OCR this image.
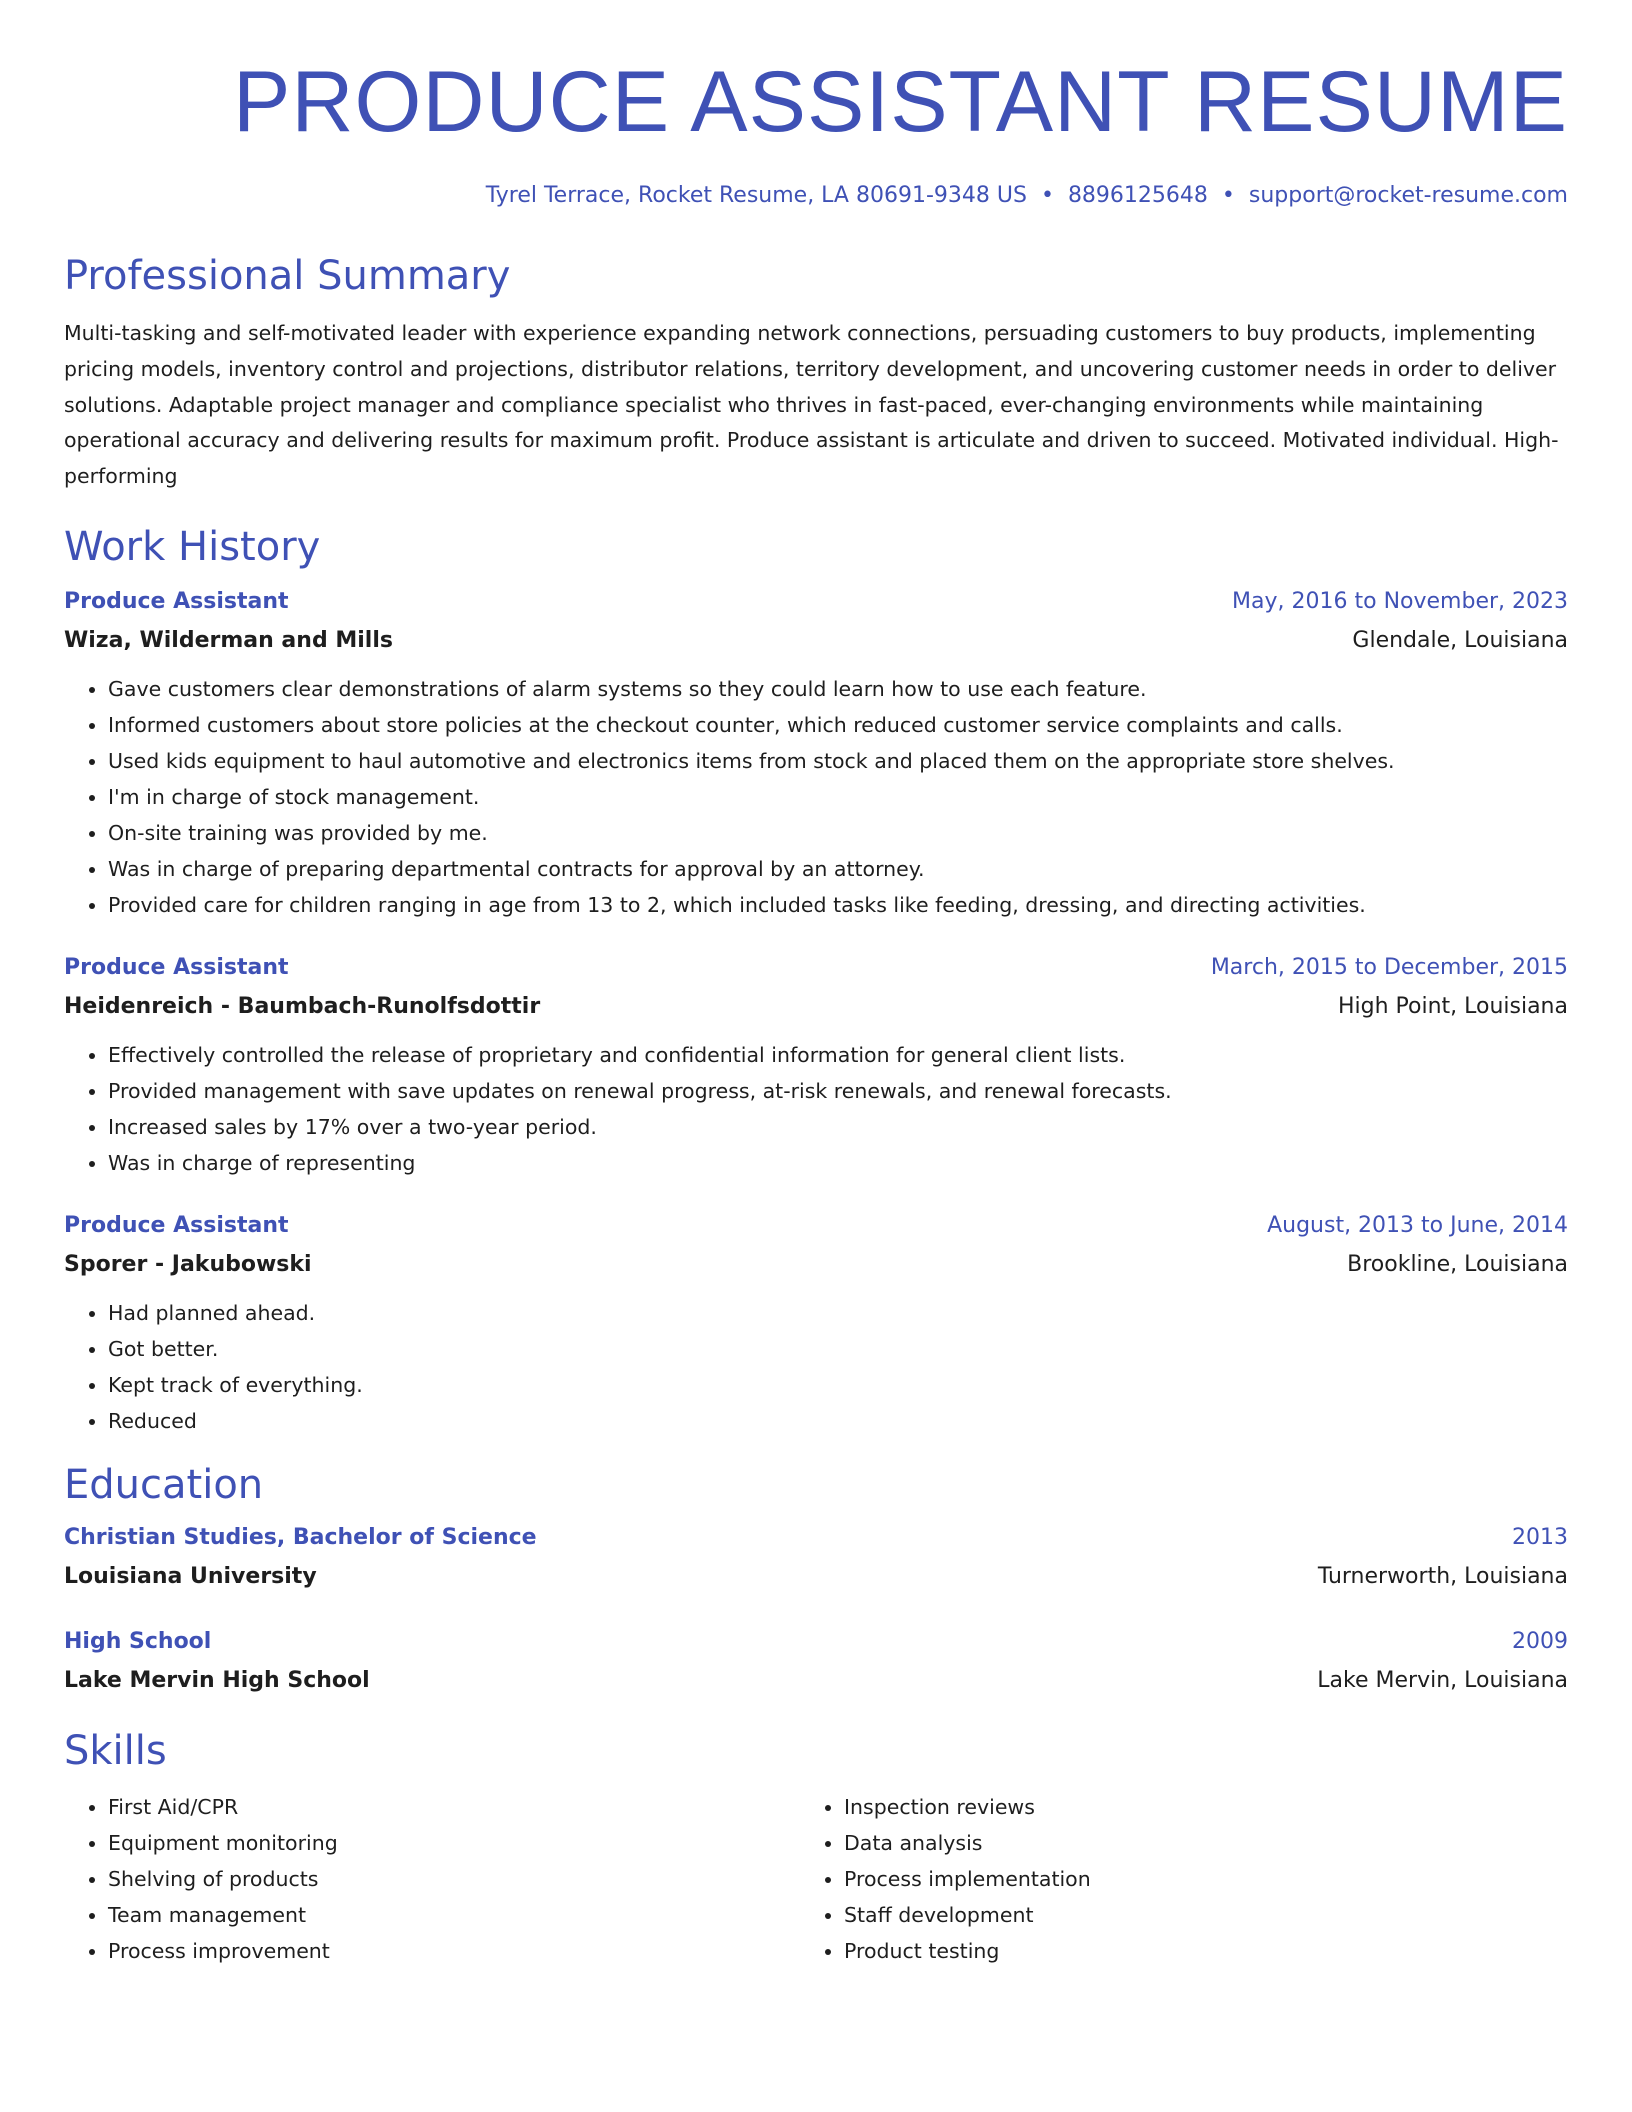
PRODUCE ASSISTANT RESUME
Tyrel Terrace, Rocket Resume, LA 80691-9348 US • 8896125648 • support@rocket-resume.com
Professional Summary

Multi-tasking and self-motivated leader with experience expanding network connections, persuading customers to buy products, implementing pricing models, inventory control and projections, distributor relations, territory development, and uncovering customer needs in order to deliver solutions. Adaptable project manager and compliance specialist who thrives in fast-paced, ever-changing environments while maintaining operational accuracy and delivering results for maximum profit. Produce assistant is articulate and driven to succeed. Motivated individual. High-performing

Work History
Produce Assistant	May, 2016 to November, 2023
Wiza, Wilderman and Mills	Glendale, Louisiana
• Gave customers clear demonstrations of alarm systems so they could learn how to use each feature.
• Informed customers about store policies at the checkout counter, which reduced customer service complaints and calls.
• Used kids equipment to haul automotive and electronics items from stock and placed them on the appropriate store shelves.
• I'm in charge of stock management.
• On-site training was provided by me.
• Was in charge of preparing departmental contracts for approval by an attorney.
• Provided care for children ranging in age from 13 to 2, which included tasks like feeding, dressing, and directing activities.
Produce Assistant	March, 2015 to December, 2015
Heidenreich - Baumbach-Runolfsdottir	High Point, Louisiana
• Effectively controlled the release of proprietary and confidential information for general client lists.
• Provided management with save updates on renewal progress, at-risk renewals, and renewal forecasts.
• Increased sales by 17% over a two-year period.
• Was in charge of representing
Produce Assistant	August, 2013 to June, 2014
Sporer - Jakubowski	Brookline, Louisiana
• Had planned ahead.
• Got better.
• Kept track of everything.
• Reduced
Education
Christian Studies, Bachelor of Science	2013
Louisiana University	Turnerworth, Louisiana
High School	2009
Lake Mervin High School	Lake Mervin, Louisiana
Skills
• First Aid/CPR
• Equipment monitoring
• Shelving of products
• Team management
• Process improvement
• Inspection reviews
• Data analysis
• Process implementation
• Staff development
• Product testing
